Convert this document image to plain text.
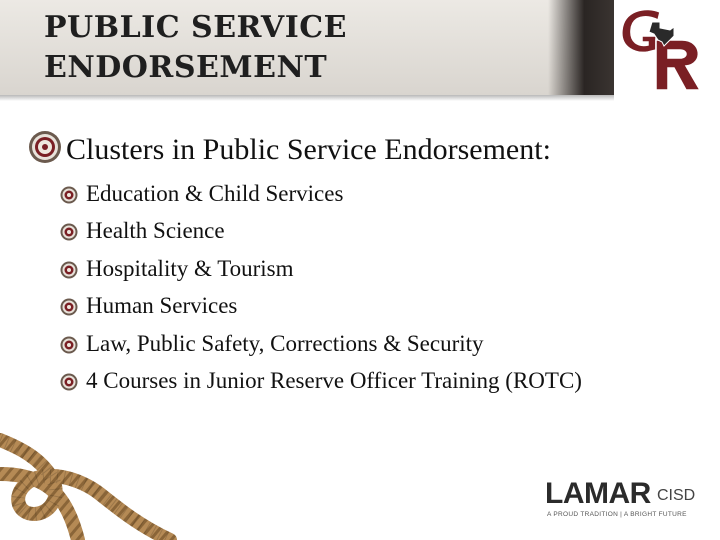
PUBLIC SERVICE ENDORSEMENT
Clusters in Public Service Endorsement:
Education & Child Services
Health Science
Hospitality & Tourism
Human Services
Law, Public Safety, Corrections & Security
4 Courses in Junior Reserve Officer Training (ROTC)
LAMAR CISD
A PROUD TRADITION | A BRIGHT FUTURE
